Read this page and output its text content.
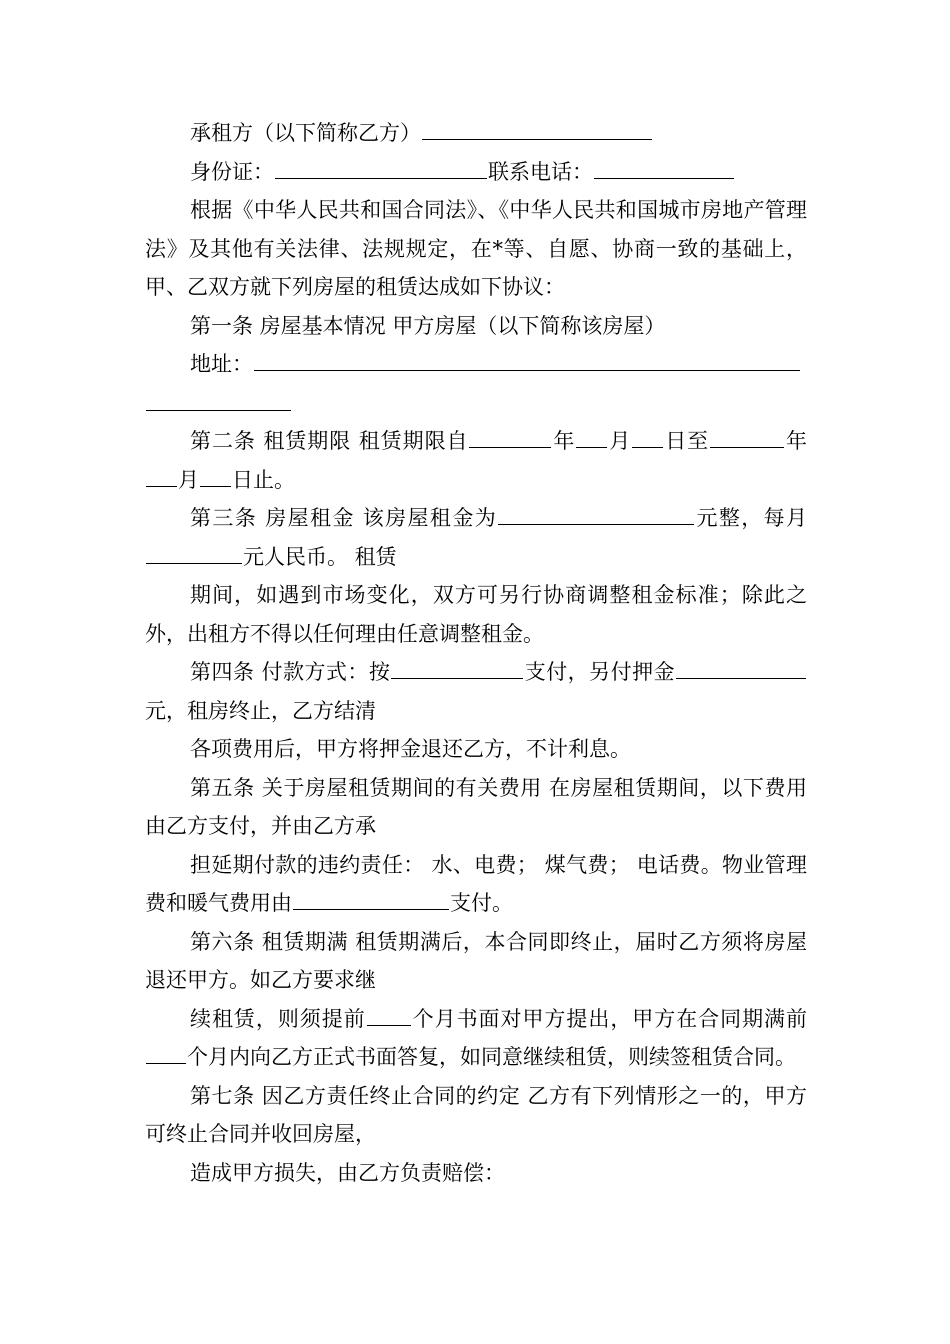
承租方（以下简称乙方）

身份证：	联系电话：

根据《中华人民共和国合同法》、《中华人民共和国城市房地产管理法》及其他有关法律、法规规定，在*等、自愿、协商一致的基础上，甲、乙双方就下列房屋的租赁达成如下协议：

第一条 房屋基本情况 甲方房屋（以下简称该房屋）

地址：

第二条 租赁期限 租赁期限自	年 月 日至	年月 日止。

第三条 房屋租金 该房屋租金为	元整，每月元人民币。 租赁

期间，如遇到市场变化，双方可另行协商调整租金标准；除此之外，出租方不得以任何理由任意调整租金。

第四条 付款方式：按	支付，另付押金元，租房终止，乙方结清

各项费用后，甲方将押金退还乙方，不计利息。

第五条 关于房屋租赁期间的有关费用 在房屋租赁期间，以下费用由乙方支付，并由乙方承

担延期付款的违约责任： 水、电费； 煤气费； 电话费。物业管理费和暖气费用由	支付。

第六条 租赁期满 租赁期满后，本合同即终止，届时乙方须将房屋退还甲方。如乙方要求继

续租赁，则须提前 个月书面对甲方提出，甲方在合同期满前个月内向乙方正式书面答复，如同意继续租赁，则续签租赁合同。

第七条 因乙方责任终止合同的约定 乙方有下列情形之一的，甲方可终止合同并收回房屋，

造成甲方损失，由乙方负责赔偿：
